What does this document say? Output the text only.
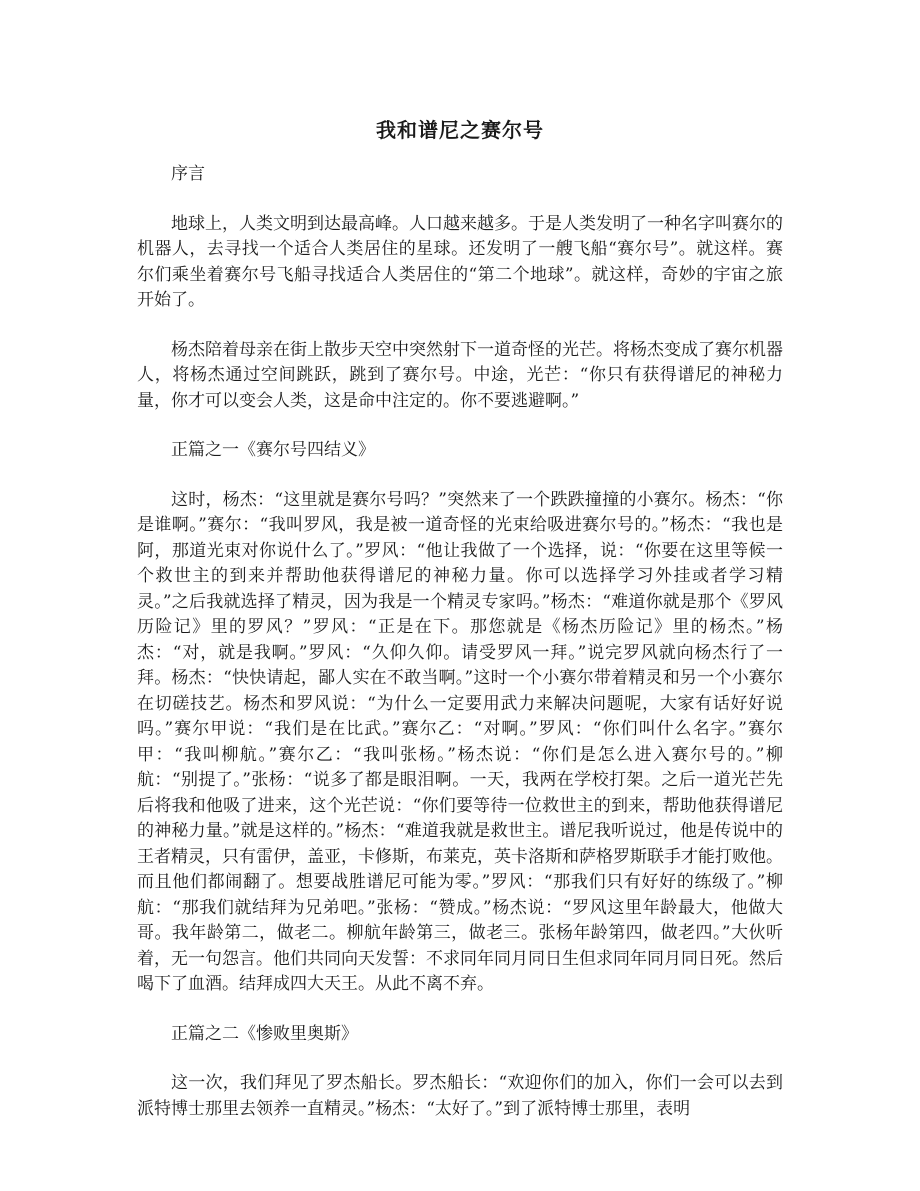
我和谱尼之赛尔号

序言

地球上，人类文明到达最高峰。人口越来越多。于是人类发明了一种名字叫赛尔的机器人，去寻找一个适合人类居住的星球。还发明了一艘飞船“赛尔号”。就这样。赛尔们乘坐着赛尔号飞船寻找适合人类居住的“第二个地球”。就这样，奇妙的宇宙之旅开始了。

杨杰陪着母亲在街上散步天空中突然射下一道奇怪的光芒。将杨杰变成了赛尔机器人，将杨杰通过空间跳跃，跳到了赛尔号。中途，光芒：“你只有获得谱尼的神秘力量，你才可以变会人类，这是命中注定的。你不要逃避啊。”

正篇之一《赛尔号四结义》

这时，杨杰：“这里就是赛尔号吗？”突然来了一个跌跌撞撞的小赛尔。杨杰：“你是谁啊。”赛尔：“我叫罗风，我是被一道奇怪的光束给吸进赛尔号的。”杨杰：“我也是阿，那道光束对你说什么了。”罗风：“他让我做了一个选择，说：“你要在这里等候一个救世主的到来并帮助他获得谱尼的神秘力量。你可以选择学习外挂或者学习精灵。”之后我就选择了精灵，因为我是一个精灵专家吗。”杨杰：“难道你就是那个《罗风历险记》里的罗风？”罗风：“正是在下。那您就是《杨杰历险记》里的杨杰。”杨杰：“对，就是我啊。”罗风：“久仰久仰。请受罗风一拜。”说完罗风就向杨杰行了一拜。杨杰：“快快请起，鄙人实在不敢当啊。”这时一个小赛尔带着精灵和另一个小赛尔在切磋技艺。杨杰和罗风说：“为什么一定要用武力来解决问题呢，大家有话好好说吗。”赛尔甲说：“我们是在比武。”赛尔乙：“对啊。”罗风：“你们叫什么名字。”赛尔甲：“我叫柳航。”赛尔乙：“我叫张杨。”杨杰说：“你们是怎么进入赛尔号的。”柳航：“别提了。”张杨：“说多了都是眼泪啊。一天，我两在学校打架。之后一道光芒先后将我和他吸了进来，这个光芒说：“你们要等待一位救世主的到来，帮助他获得谱尼的神秘力量。”就是这样的。”杨杰：“难道我就是救世主。谱尼我听说过，他是传说中的王者精灵，只有雷伊，盖亚，卡修斯，布莱克，英卡洛斯和萨格罗斯联手才能打败他。而且他们都闹翻了。想要战胜谱尼可能为零。”罗风：“那我们只有好好的练级了。”柳航：“那我们就结拜为兄弟吧。”张杨：“赞成。”杨杰说：“罗风这里年龄最大，他做大哥。我年龄第二，做老二。柳航年龄第三，做老三。张杨年龄第四，做老四。”大伙听着，无一句怨言。他们共同向天发誓：不求同年同月同日生但求同年同月同日死。然后喝下了血酒。结拜成四大天王。从此不离不弃。

正篇之二《惨败里奥斯》

这一次，我们拜见了罗杰船长。罗杰船长：“欢迎你们的加入，你们一会可以去到派特博士那里去领养一直精灵。”杨杰：“太好了。”到了派特博士那里，表明
